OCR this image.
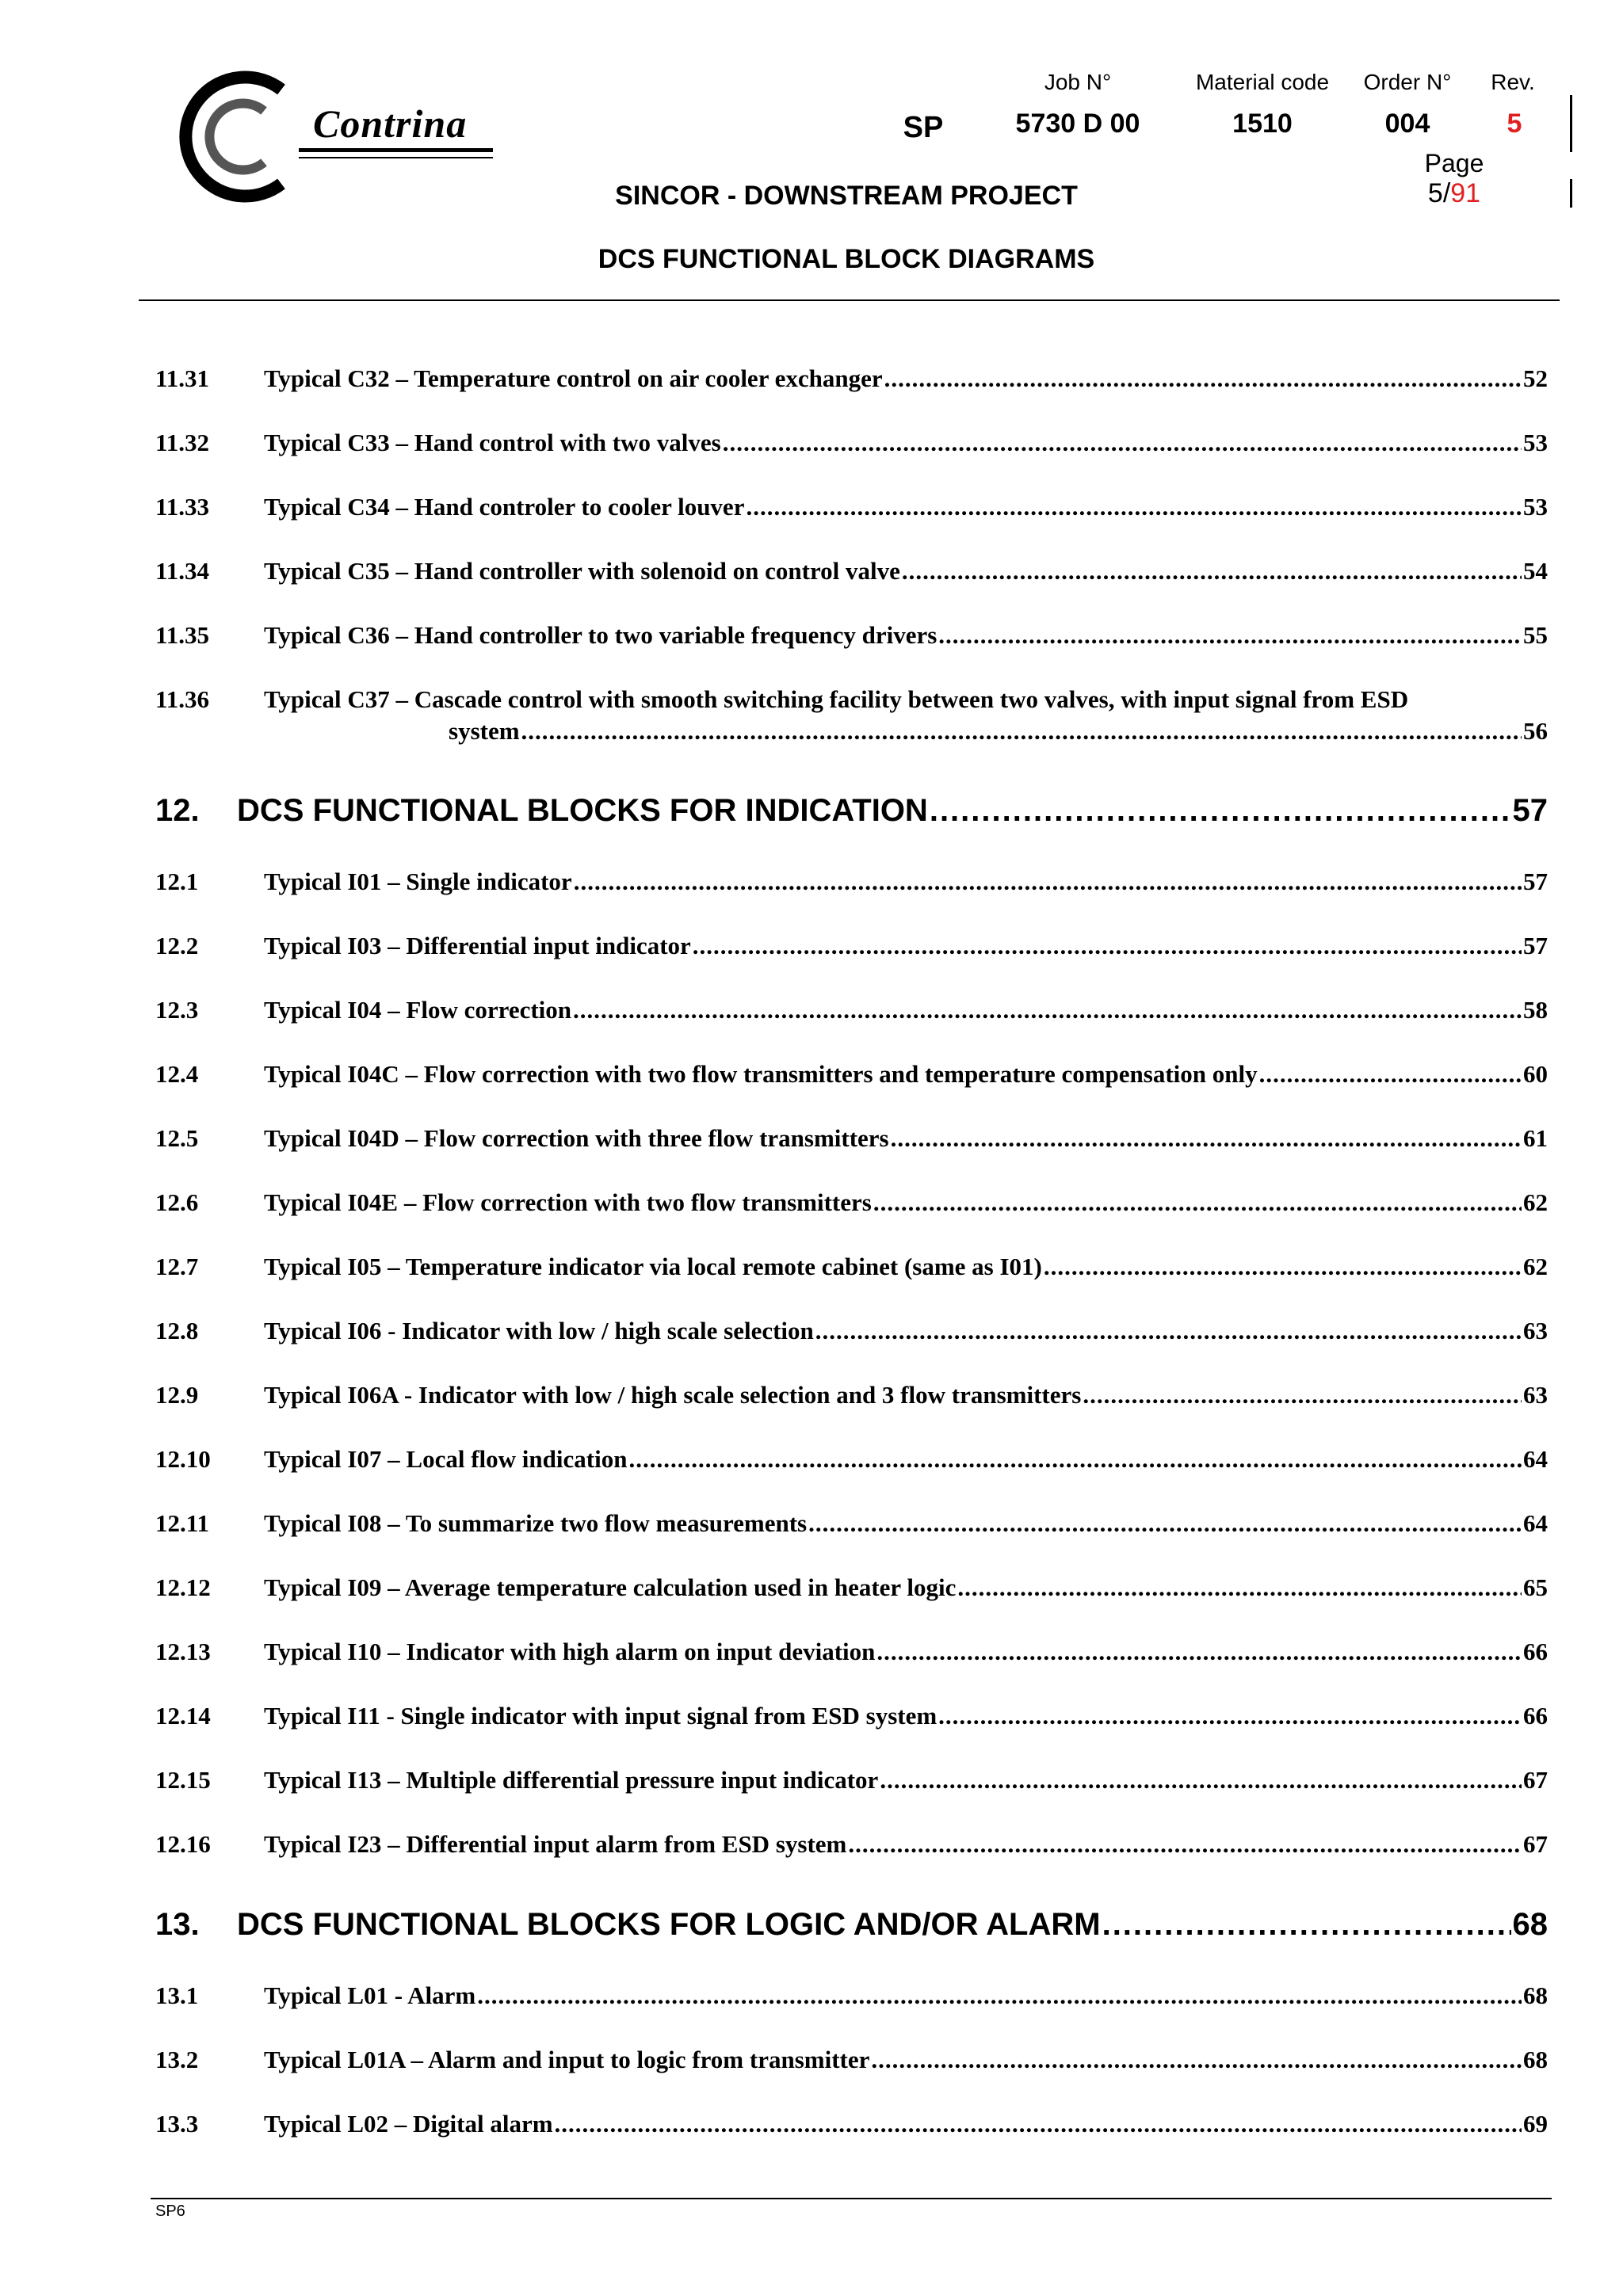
Contrina
Job N°	Material code Order N° Rev.
SP	5730 D 00	1510	004	5
Page
5/91
SINCOR - DOWNSTREAM PROJECT
DCS FUNCTIONAL BLOCK DIAGRAMS
11.31	Typical C32 – Temperature control on air cooler exchanger .....	52
11.32	Typical C33 – Hand control with two valves .....	53
11.33	Typical C34 – Hand controler to cooler louver .....	53
11.34	Typical C35 – Hand controller with solenoid on control valve .....	54
11.35	Typical C36 – Hand controller to two variable frequency drivers .....	55
11.36	Typical C37 – Cascade control with smooth switching facility between two valves, with input signal from ESD
system .....	56
12.	DCS FUNCTIONAL BLOCKS FOR INDICATION .....	57
12.1	Typical I01 – Single indicator .....	57
12.2	Typical I03 – Differential input indicator .....	57
12.3	Typical I04 – Flow correction .....	58
12.4	Typical I04C – Flow correction with two flow transmitters and temperature compensation only .....	60
12.5	Typical I04D – Flow correction with three flow transmitters .....	61
12.6	Typical I04E – Flow correction with two flow transmitters .....	62
12.7	Typical I05 – Temperature indicator via local remote cabinet (same as I01) .....	62
12.8	Typical I06 - Indicator with low / high scale selection .....	63
12.9	Typical I06A - Indicator with low / high scale selection and 3 flow transmitters .....	63
12.10	Typical I07 – Local flow indication .....	64
12.11	Typical I08 – To summarize two flow measurements .....	64
12.12	Typical I09 – Average temperature calculation used in heater logic .....	65
12.13	Typical I10 – Indicator with high alarm on input deviation .....	66
12.14	Typical I11 - Single indicator with input signal from ESD system .....	66
12.15	Typical I13 – Multiple differential pressure input indicator .....	67
12.16	Typical I23 – Differential input alarm from ESD system .....	67
13.	DCS FUNCTIONAL BLOCKS FOR LOGIC AND/OR ALARM .....	68
13.1	Typical L01 - Alarm .....	68
13.2	Typical L01A – Alarm and input to logic from transmitter .....	68
13.3	Typical L02 – Digital alarm .....	69
SP6
